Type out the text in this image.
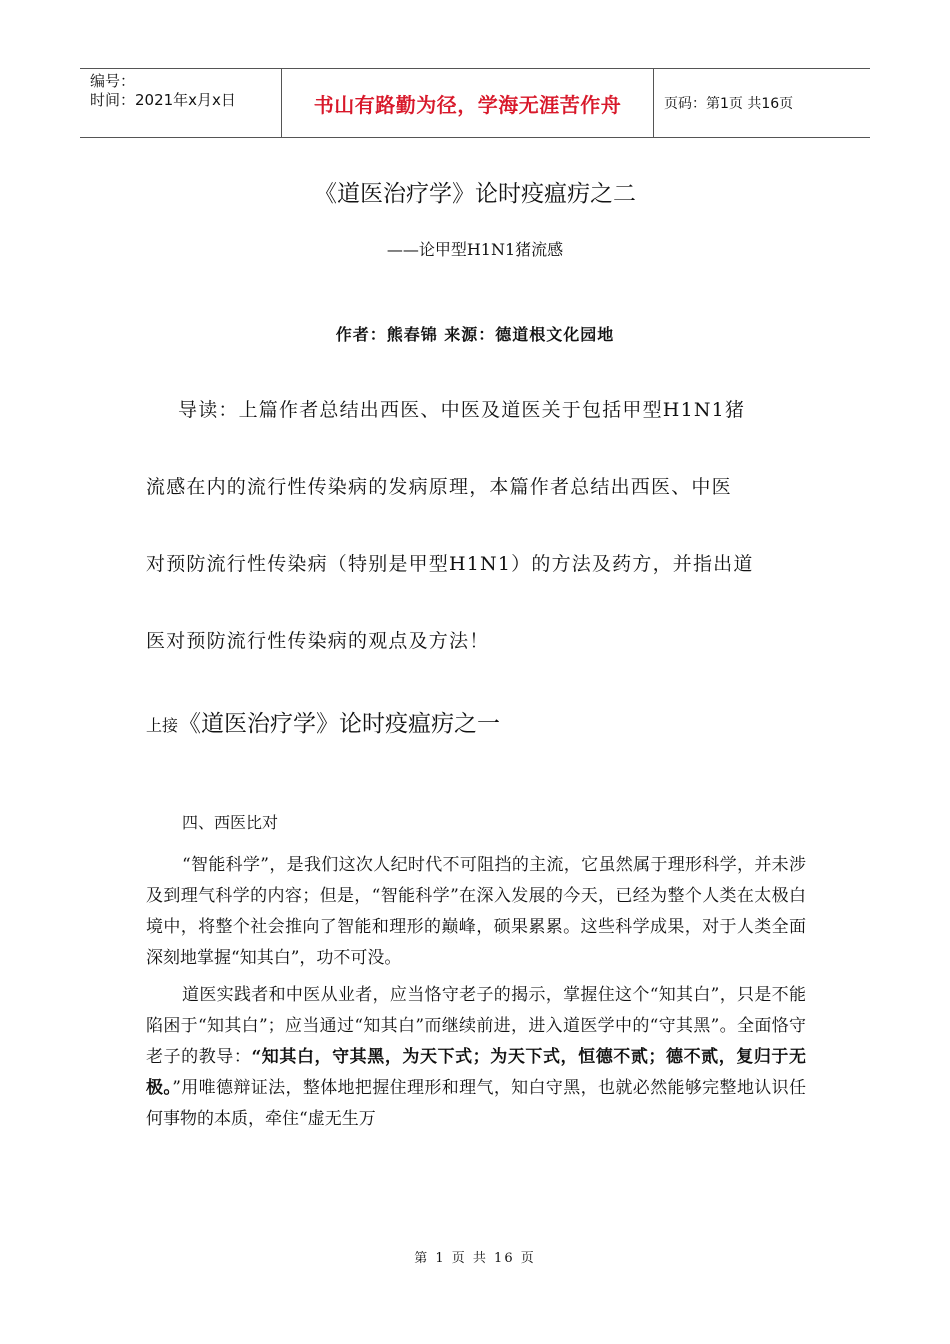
编号：
时间：2021年x月x日	书山有路勤为径，学海无涯苦作舟	页码：第1页 共16页
《道医治疗学》论时疫瘟疠之二
——论甲型H1N1猪流感
作者：熊春锦 来源：德道根文化园地

导读：上篇作者总结出西医、中医及道医关于包括甲型H1N1猪

流感在内的流行性传染病的发病原理，本篇作者总结出西医、中医

对预防流行性传染病（特别是甲型H1N1）的方法及药方，并指出道

医对预防流行性传染病的观点及方法！

上接《道医治疗学》论时疫瘟疠之一
四、西医比对

“智能科学”，是我们这次人纪时代不可阻挡的主流，它虽然属于理形科学，并未涉及到理气科学的内容；但是，“智能科学”在深入发展的今天，已经为整个人类在太极白境中，将整个社会推向了智能和理形的巅峰，硕果累累。这些科学成果，对于人类全面深刻地掌握“知其白”，功不可没。

道医实践者和中医从业者，应当恪守老子的揭示，掌握住这个“知其白”，只是不能陷困于“知其白”；应当通过“知其白”而继续前进，进入道医学中的“守其黑”。全面恪守老子的教导：“知其白，守其黑，为天下式；为天下式，恒德不贰；德不贰，复归于无极。”用唯德辩证法，整体地把握住理形和理气，知白守黑，也就必然能够完整地认识任何事物的本质，牵住“虚无生万

第 1 页 共 16 页
